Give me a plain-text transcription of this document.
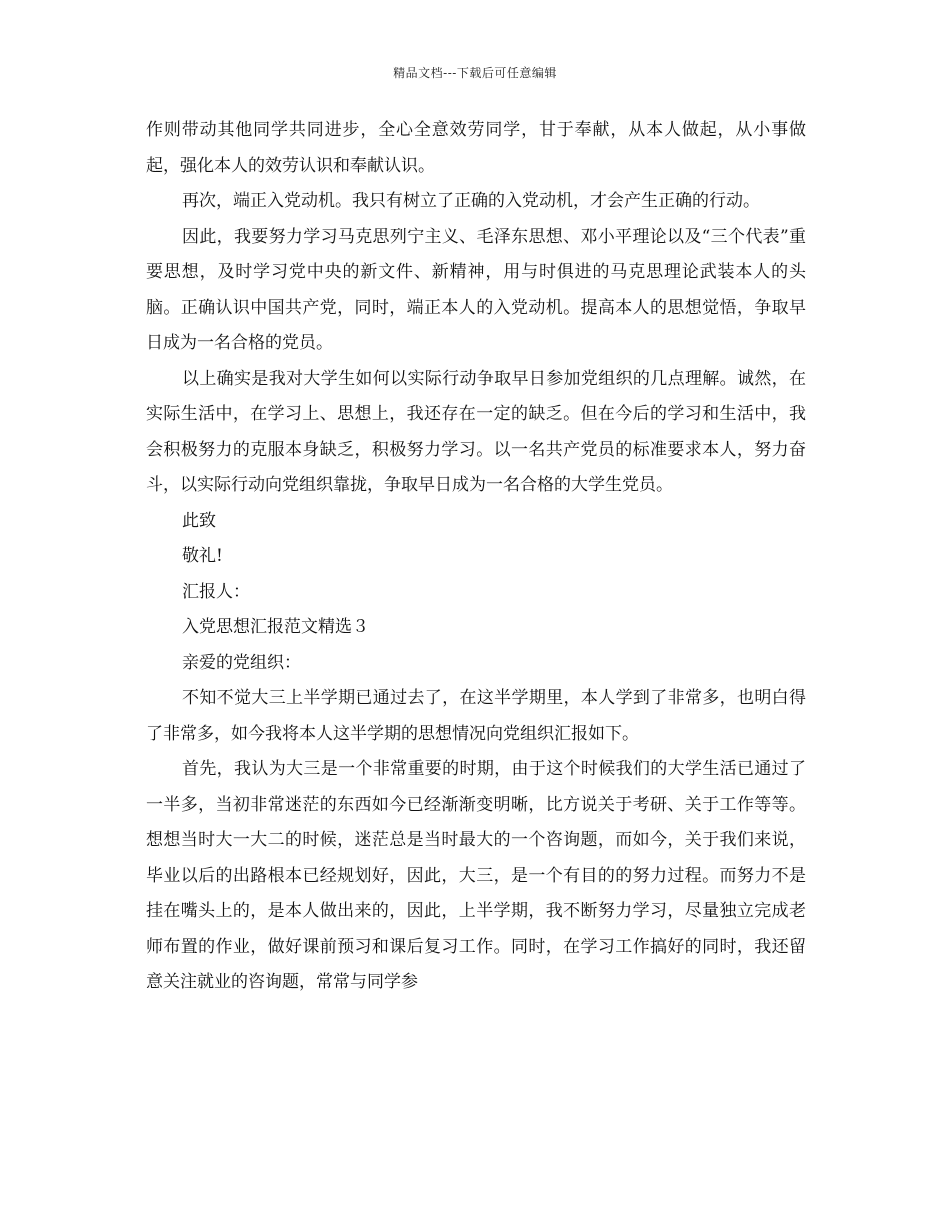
精品文档---下载后可任意编辑

作则带动其他同学共同进步，全心全意效劳同学，甘于奉献，从本人做起，从小事做起，强化本人的效劳认识和奉献认识。

再次，端正入党动机。我只有树立了正确的入党动机，才会产生正确的行动。

因此，我要努力学习马克思列宁主义、毛泽东思想、邓小平理论以及“三个代表”重要思想，及时学习党中央的新文件、新精神，用与时俱进的马克思理论武装本人的头脑。正确认识中国共产党，同时，端正本人的入党动机。提高本人的思想觉悟，争取早日成为一名合格的党员。

以上确实是我对大学生如何以实际行动争取早日参加党组织的几点理解。诚然，在实际生活中，在学习上、思想上，我还存在一定的缺乏。但在今后的学习和生活中，我会积极努力的克服本身缺乏，积极努力学习。以一名共产党员的标准要求本人，努力奋斗，以实际行动向党组织靠拢，争取早日成为一名合格的大学生党员。

此致

敬礼!

汇报人：

入党思想汇报范文精选３

亲爱的党组织：

不知不觉大三上半学期已通过去了，在这半学期里，本人学到了非常多，也明白得了非常多，如今我将本人这半学期的思想情况向党组织汇报如下。

首先，我认为大三是一个非常重要的时期，由于这个时候我们的大学生活已通过了一半多，当初非常迷茫的东西如今已经渐渐变明晰，比方说关于考研、关于工作等等。想想当时大一大二的时候，迷茫总是当时最大的一个咨询题，而如今，关于我们来说，毕业以后的出路根本已经规划好，因此，大三，是一个有目的的努力过程。而努力不是挂在嘴头上的，是本人做出来的，因此，上半学期，我不断努力学习，尽量独立完成老师布置的作业，做好课前预习和课后复习工作。同时，在学习工作搞好的同时，我还留意关注就业的咨询题，常常与同学参
